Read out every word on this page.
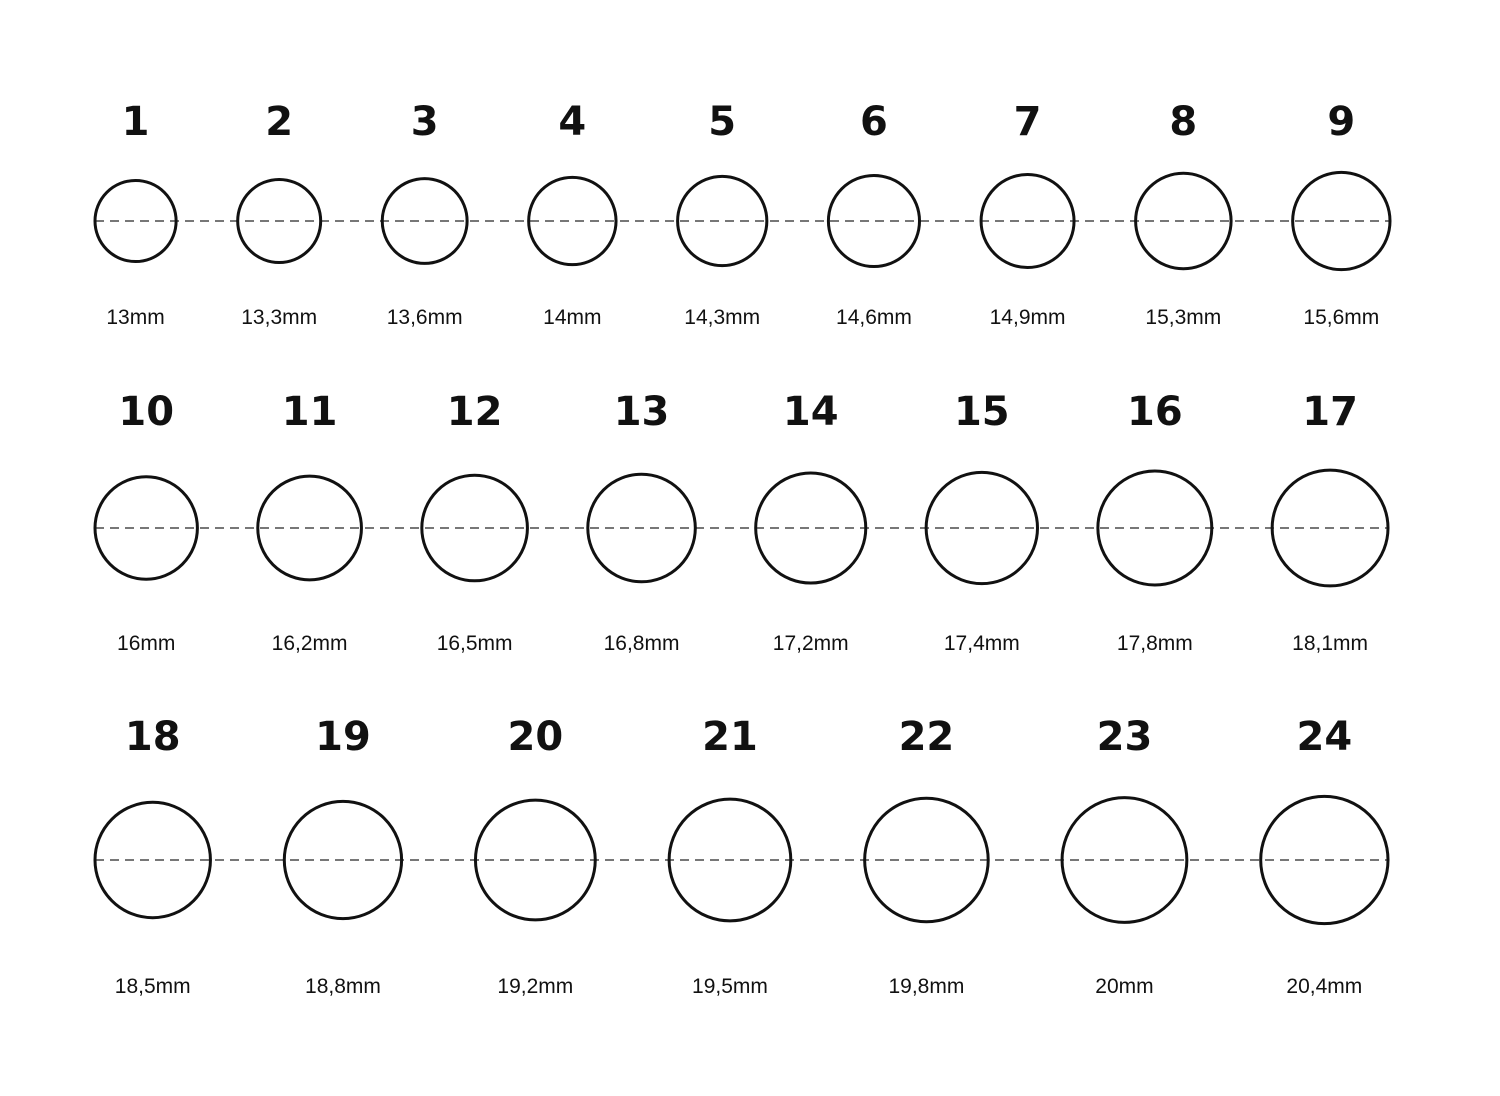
1
13mm
2
13,3mm
3
13,6mm
4
14mm
5
14,3mm
6
14,6mm
7
14,9mm
8
15,3mm
9
15,6mm
10
16mm
11
16,2mm
12
16,5mm
13
16,8mm
14
17,2mm
15
17,4mm
16
17,8mm
17
18,1mm
18
18,5mm
19
18,8mm
20
19,2mm
21
19,5mm
22
19,8mm
23
20mm
24
20,4mm
